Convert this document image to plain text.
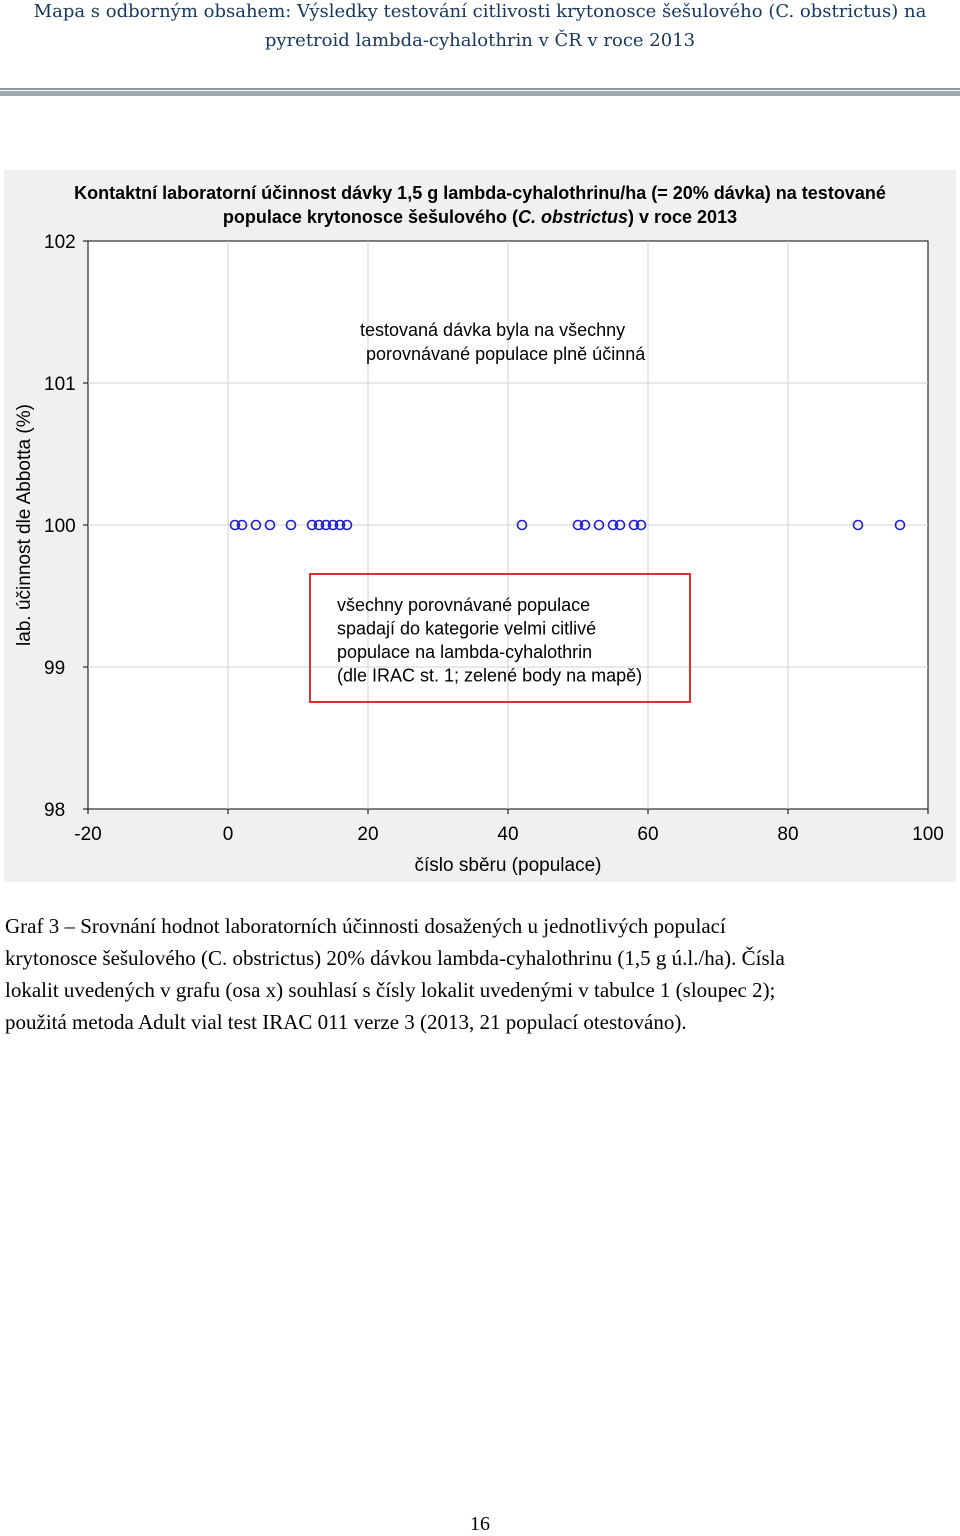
Mapa s odborným obsahem: Výsledky testování citlivosti krytonosce šešulového (C. obstrictus) na
pyretroid lambda-cyhalothrin v ČR v roce 2013
Kontaktní laboratorní účinnost dávky 1,5 g lambda-cyhalothrinu/ha (= 20% dávka) na testované
populace krytonosce šešulového (C. obstrictus) v roce 2013
98
99
100
101
102
-20	0	20	40	60	80	100
číslo sběru (populace)
lab. účinnost dle Abbotta (%)
testovaná dávka byla na všechny
porovnávané populace plně účinná
všechny porovnávané populace
spadají do kategorie velmi citlivé
populace na lambda-cyhalothrin
(dle IRAC st. 1; zelené body na mapě)
Graf 3 – Srovnání hodnot laboratorních účinnosti dosažených u jednotlivých populací
krytonosce šešulového (C. obstrictus) 20% dávkou lambda-cyhalothrinu (1,5 g ú.l./ha). Čísla
lokalit uvedených v grafu (osa x) souhlasí s čísly lokalit uvedenými v tabulce 1 (sloupec 2);
použitá metoda Adult vial test IRAC 011 verze 3 (2013, 21 populací otestováno).
16
